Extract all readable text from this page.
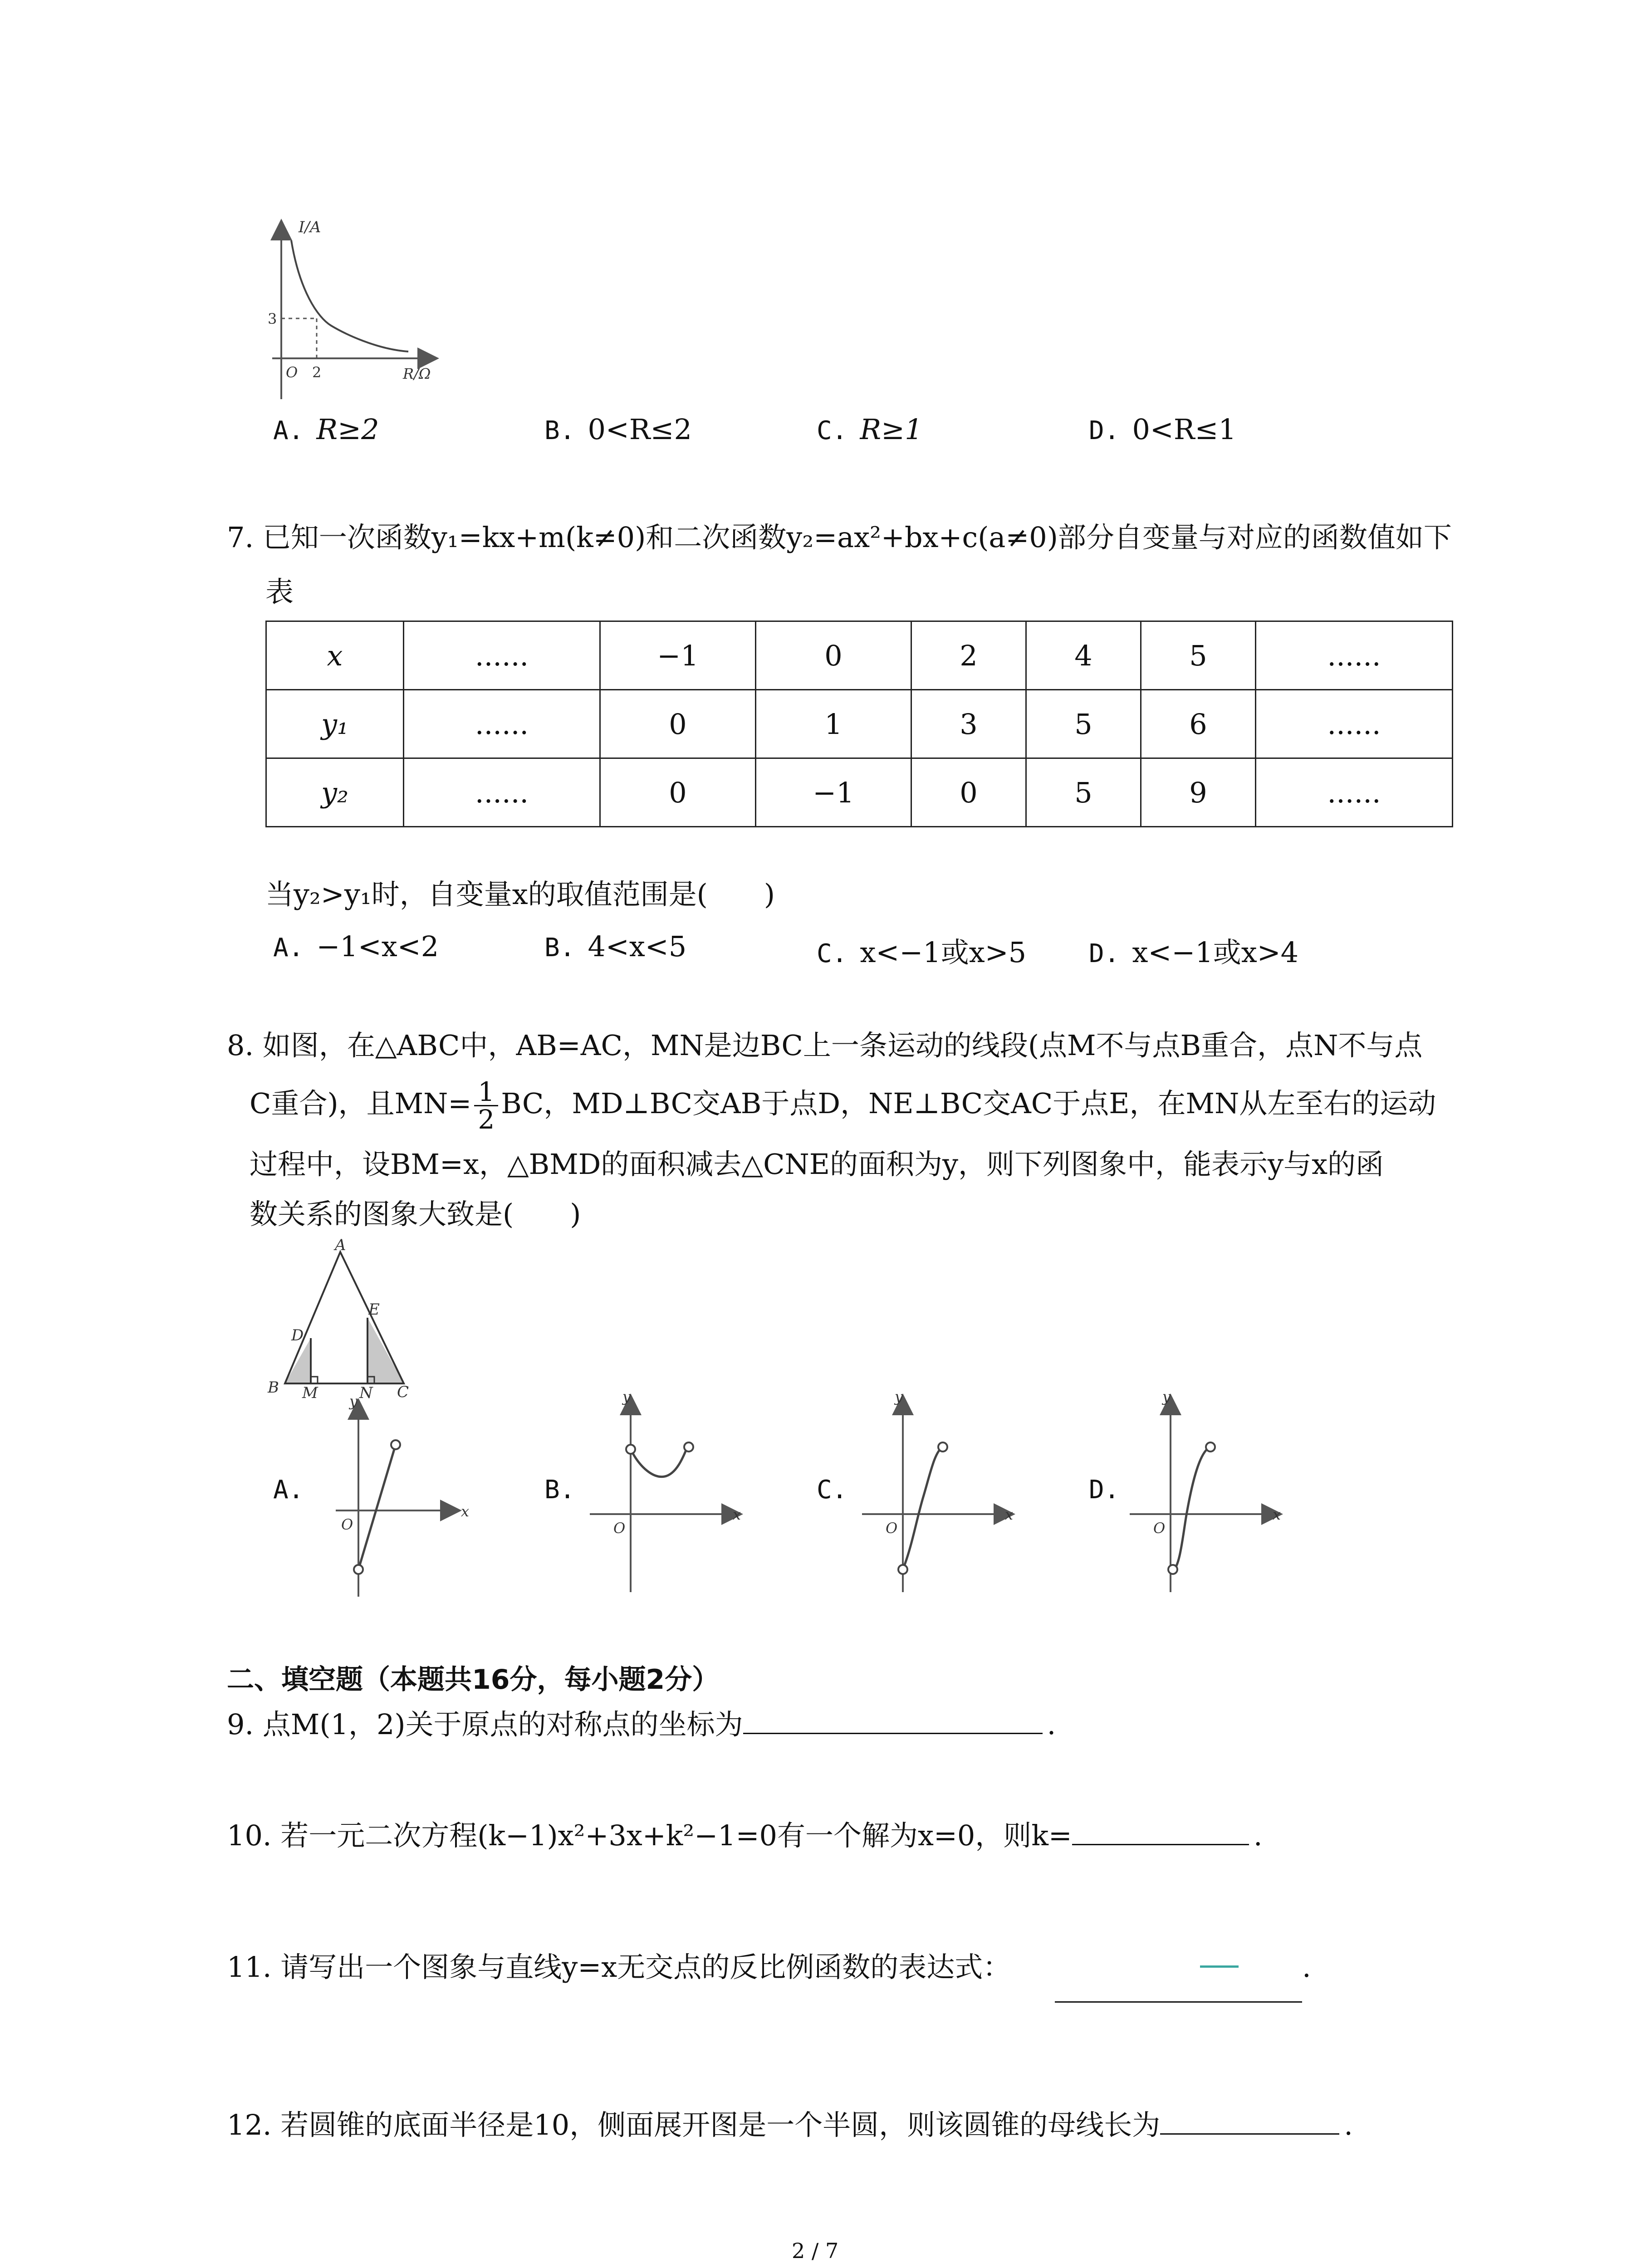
I/A
R/Ω
O 2
3
A. R≥2	B. 0<R≤2	C. R≥1	D. 0<R≤1
7. 已知一次函数y₁=kx+m(k≠0)和二次函数y₂=ax²+bx+c(a≠0)部分自变量与对应的函数值如下
表
x	......	−1	0	2	4	5	......
y₁	......	0	1	3	5	6	......
y₂	......	0	−1	0	5	9	......
当y₂>y₁时，自变量x的取值范围是(　　)
A. −1<x<2	B. 4<x<5	C. x<−1或x>5 D. x<−1或x>4
8. 如图，在△ABC中，AB=AC，MN是边BC上一条运动的线段(点M不与点B重合，点N不与点
C重合)，且$MN= \frac{1}{2}$ BC，MD⊥BC交AB于点D，NE⊥BC交AC于点E，在MN从左至右的运动
过程中，设BM=x，△BMD的面积减去△CNE的面积为y，则下列图象中，能表示y与x的函
数关系的图象大致是(　　)
A
D
E
B M	N C
A.
y
x
O
B.
y
x
O
C.
y
x
O
D.
y
x
O
二、填空题（本题共16分，每小题2分）
9. 点M(1，2)关于原点的对称点的坐标为	.
10. 若一元二次方程(k−1)x²+3x+k²−1=0有一个解为x=0，则k=	.
11. 请写出一个图象与直线y=x无交点的反比例函数的表达式：	.
12. 若圆锥的底面半径是10，侧面展开图是一个半圆，则该圆锥的母线长为	.
2 / 7
